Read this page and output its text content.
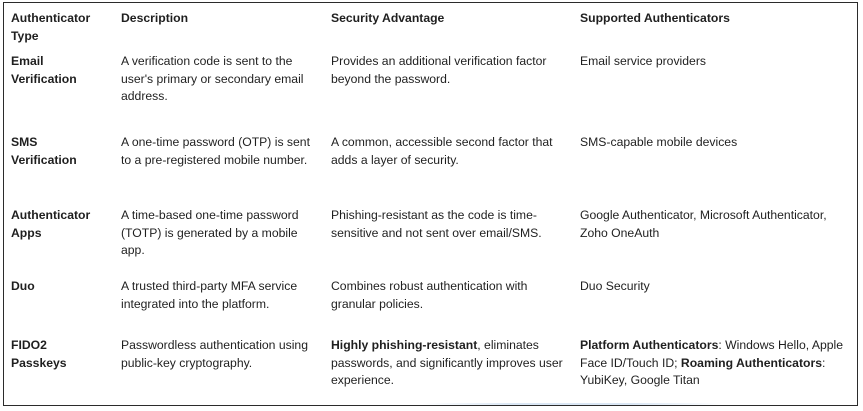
Authenticator Type	Description	Security Advantage	Supported Authenticators
Email Verification	A verification code is sent to the user's primary or secondary email address.	Provides an additional verification factor beyond the password.	Email service providers
SMS Verification	A one-time password (OTP) is sent to a pre-registered mobile number.	A common, accessible second factor that adds a layer of security.	SMS-capable mobile devices
Authenticator Apps	A time-based one-time password (TOTP) is generated by a mobile app.	Phishing-resistant as the code is time-sensitive and not sent over email/SMS.	Google Authenticator, Microsoft Authenticator, Zoho OneAuth
Duo	A trusted third-party MFA service integrated into the platform.	Combines robust authentication with granular policies.	Duo Security
FIDO2 Passkeys	Passwordless authentication using public-key cryptography.	Highly phishing-resistant, eliminates passwords, and significantly improves user experience.	Platform Authenticators: Windows Hello, Apple Face ID/Touch ID; Roaming Authenticators: YubiKey, Google Titan
